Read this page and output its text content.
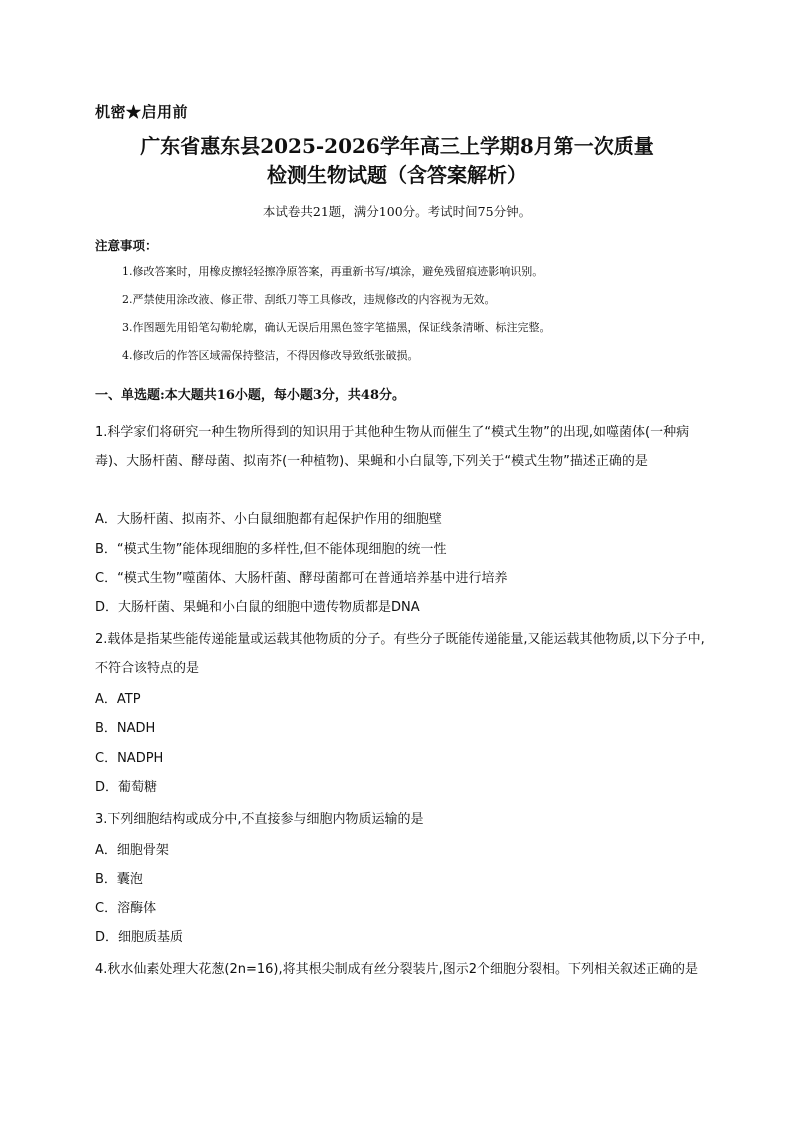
机密★启用前
广东省惠东县2025-2026学年高三上学期8月第一次质量
检测生物试题（含答案解析）
本试卷共21题，满分100分。考试时间75分钟。
注意事项：
1.修改答案时，用橡皮擦轻轻擦净原答案，再重新书写/填涂，避免残留痕迹影响识别。
2.严禁使用涂改液、修正带、刮纸刀等工具修改，违规修改的内容视为无效。
3.作图题先用铅笔勾勒轮廓，确认无误后用黑色签字笔描黑，保证线条清晰、标注完整。
4.修改后的作答区域需保持整洁，不得因修改导致纸张破损。
一、单选题:本大题共16小题，每小题3分，共48分。
1.科学家们将研究一种生物所得到的知识用于其他种生物从而催生了“模式生物”的出现,如噬菌体(一种病毒)、大肠杆菌、酵母菌、拟南芥(一种植物)、果蝇和小白鼠等,下列关于“模式生物”描述正确的是
A．大肠杆菌、拟南芥、小白鼠细胞都有起保护作用的细胞壁
B．“模式生物”能体现细胞的多样性,但不能体现细胞的统一性
C．“模式生物”噬菌体、大肠杆菌、酵母菌都可在普通培养基中进行培养
D．大肠杆菌、果蝇和小白鼠的细胞中遗传物质都是DNA
2.载体是指某些能传递能量或运载其他物质的分子。有些分子既能传递能量,又能运载其他物质,以下分子中,不符合该特点的是
A．ATP
B．NADH
C．NADPH
D．葡萄糖
3.下列细胞结构或成分中,不直接参与细胞内物质运输的是
A．细胞骨架
B．囊泡
C．溶酶体
D．细胞质基质
4.秋水仙素处理大花葱(2n=16),将其根尖制成有丝分裂装片,图示2个细胞分裂相。下列相关叙述正确的是
